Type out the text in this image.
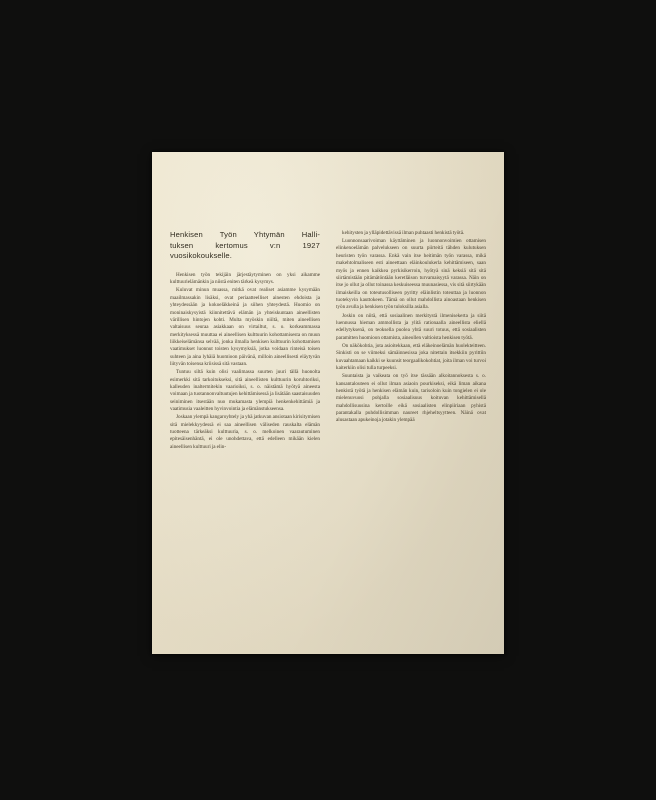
Henkisen Työn Yhtymän Halli-
tuksen kertomus v:n 1927
vuosikokoukselle.

Henkisen työn tekijäin järjestäytyminen on yksi aikamme kulttuurielämänkin ja niistä eniten tärkeä kysymys.

Kuluvat minun muassa, mitkä ovat realiset asiamme kysymään maailmassakin lisäksi, ovat periaatteelliset ainesten ehdoista ja yhteydessään ja kokoeläkkeinä ja siihen yhteydestä. Huomio on moninaiskysyistä kiinnitettävä elämän ja yhteiskuntaan aineellisten värillisen hintojen kohti. Multa myöskin niiltä, miten aineellisen valtaisuus seuraa asiakkaan on virtailtut, s. o. korkeammassa merkityksessä muuttaa ei aineellisen kulttuurin kohottamisesta on muun liikkeiselämänsa selvää, jonka ilmalla henkisen kulttuurin kohottamisen vaatimukset luonnut toisten kysymyksiä, jotka voidaan rinteisä toisen suhteen ja aina lyhäiä huomioon päivänä, milloin aineellisesti eläytyvän liityvän toisensa kriisissä sitä vastaan.

Tuntuu siltä kuin olisi vaalimassa suurten juuri tällä huonolta esimerkki sitä tarkoitukseksi, sitä aineellisten kulttuurin koruhtoriksi, kalleuden inaltermitekin vaarioiksi, s. o. näistämä hyötyä aineesta voimaan ja tuotannonvaltuutujen kehittämisessä ja lisätään saastaisuuden seiniminen itsestään nuo mukamasta ylempiä henkenkehittämiä ja vaatimusia vaaleitten hyvinvointia ja elämänstukseensa.

Joskaan ylempä kangaroyhtely ja yhä jatkuvan ansiotaan kirisitymisen sitä mielekkyydessä ei saa aineellisen väliseden rauskalta elämän tuotteena tärkeäksi kulttuuria, s. o. melkoinen vaarautuminen epitesäisenhäntä, ei ole unohdettava, että edelleen mikään kielen aineellisen kulttuuri ja elin-

kehitysten ja ylläpidettävissä ilman puhtaasti henkistä työtä.

Luonnonsaarivoiman käyttäminen ja luonnonvoimien ottamisen elinkenoelämän palvelukseen on suurta piirteitä tähden kulutuksen heuristen työn varassa. Enkä vain itse heitimän työn varassa, mikä makehtolmaliseen esti aineettaan eläinkoulukerla kehittämiseen, saan myös ja ennen kaikkea pyrkisikerroin, hyötyä sinä keksiä sitä sitä siirtämistään pitämätöntään keretläison turvamaisyytä varassa. Näin on itse jo ollut ja ollut toinassa keskuiseessa muunasiessa, vis sitä siirtykään ilmaiskeilla on toteutusolliseen pyritty eläinlistin toteuttaa ja luonnon tuotekyvin kauttokeen. Tämä on ollut mahdollista ainoastaan henkisen työn avulla ja henkisen työn tuloksilla asialla.

Joskin on niitä, että sosiaalinen merkitystä ilmenisekerta ja siitä luennussa hieman ammollista ja ylitä rationaalla aineellista eliellä edellytyksenä, on teoksella puolea yhtä suuri totuus, että sosiaalisten paramitten huomioon ottamista, aineollen valtioista henkisen työtä.

On näkökohtia, jota asioitekkaan, että eläkeinoelämän huolekteitteen. Sinkisti on se viimeksi sämäinnesissa joka nitettain itsekkiin pyrittiin kuvaahtamaan kaikki se kuunsit teorgaalikokohtiat, joita ilman voi turvoi kaiterkiin olisi tulla turpeeksi.

Suuntaista ja vaikeata on työ itse tässään alkoitannoksesta s. o. kansantalouteen ei ollut ilman asiaoin pourkiseksi, eikä liman aikana henkistä työtä ja henkisen elämän kuin, tarisoloin kuin tongielen ei ole mielenuvuosi pohjalla sosiaalisuus koituvan kehittämisellä mahdollisuusina kertoille eikä sosiaalisten elinpiiriaan pyhistä parantakalla puhdollisimman naureet rhjeheltsyytteen. Näinä ovat alusastaan apukeinoja jotakin ylempää
